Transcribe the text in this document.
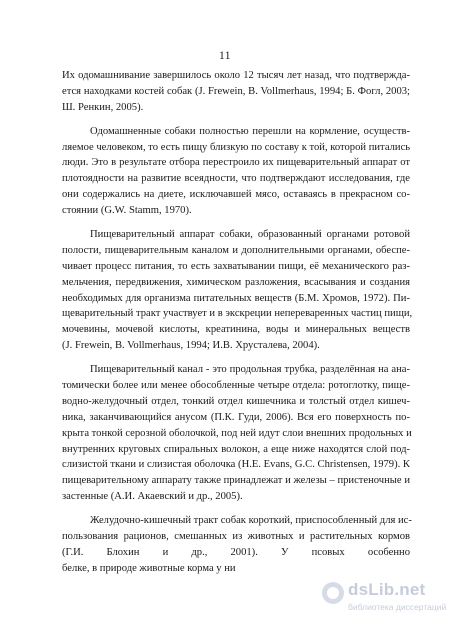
11
Их одомашнивание завершилось около 12 тысяч лет назад, что подтвержда-
ется находками костей собак (J. Frewein, B. Vollmerhaus, 1994; Б. Фогл, 2003;
Ш. Ренкин, 2005).
Одомашненные собаки полностью перешли на кормление, осуществ-
ляемое человеком, то есть пищу близкую по составу к той, которой питались
люди. Это в результате отбора перестроило их пищеварительный аппарат от
плотоядности на развитие всеядности, что подтверждают исследования, где
они содержались на диете, исключавшей мясо, оставаясь в прекрасном со-
стоянии (G.W. Stamm, 1970).
Пищеварительный аппарат собаки, образованный органами ротовой
полости, пищеварительным каналом и дополнительными органами, обеспе-
чивает процесс питания, то есть захватывании пищи, её механического раз-
мельчения, передвижения, химическом разложения, всасывания и создания
необходимых для организма питательных веществ (Б.М. Хромов, 1972). Пи-
щеварительный тракт участвует и в экскреции непереваренных частиц пищи,
мочевины, мочевой кислоты, креатинина, воды и минеральных веществ
(J. Frewein, B. Vollmerhaus, 1994; И.В. Хрусталева, 2004).
Пищеварительный канал - это продольная трубка, разделённая на ана-
томически более или менее обособленные четыре отдела: ротоглотку, пище-
водно-желудочный отдел, тонкий отдел кишечника и толстый отдел кишеч-
ника, заканчивающийся анусом (П.К. Гуди, 2006). Вся его поверхность по-
крыта тонкой серозной оболочкой, под ней идут слои внешних продольных и
внутренних круговых спиральных волокон, а еще ниже находятся слой под-
слизистой ткани и слизистая оболочка (H.E. Evans, G.C. Christensen, 1979). К
пищеварительному аппарату также принадлежат и железы – пристеночные и
застенные (А.И. Акаевский и др., 2005).
Желудочно-кишечный тракт собак короткий, приспособленный для ис-
пользования рационов, смешанных из животных и растительных кормов
(Г.И. Блохин и др., 2001). У псовых особенно
белке, в природе животные корма у ни
dsLib.net
библиотека диссертаций
